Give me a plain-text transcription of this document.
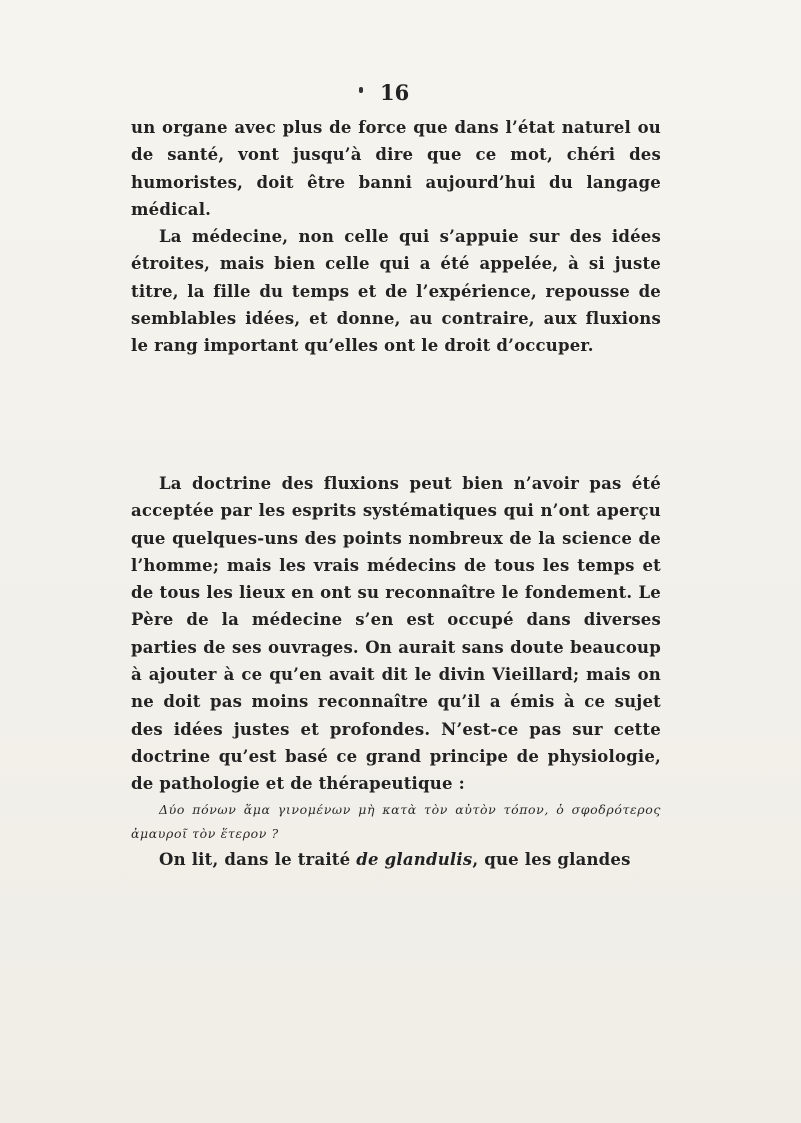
16

un organe avec plus de force que dans l’état naturel ou de santé, vont jusqu’à dire que ce mot, chéri des humoristes, doit être banni aujourd’hui du langage médical.

La médecine, non celle qui s’appuie sur des idées étroites, mais bien celle qui a été appelée, à si juste titre, la fille du temps et de l’expérience, repousse de semblables idées, et donne, au contraire, aux fluxions le rang important qu’elles ont le droit d’occuper.

La doctrine des fluxions peut bien n’avoir pas été acceptée par les esprits systématiques qui n’ont aperçu que quelques-uns des points nombreux de la science de l’homme; mais les vrais médecins de tous les temps et de tous les lieux en ont su reconnaître le fondement. Le Père de la médecine s’en est occupé dans diverses parties de ses ouvrages. On aurait sans doute beaucoup à ajouter à ce qu’en avait dit le divin Vieillard; mais on ne doit pas moins reconnaître qu’il a émis à ce sujet des idées justes et profondes. N’est-ce pas sur cette doctrine qu’est basé ce grand principe de physiologie, de pathologie et de thérapeutique :

Δύο πόνων ἅμα γινομένων μὴ κατὰ τὸν αὐτὸν τόπον, ὁ σφοδρότερος ἀμαυροῖ τὸν ἕτερον ?

On lit, dans le traité de glandulis, que les glandes
